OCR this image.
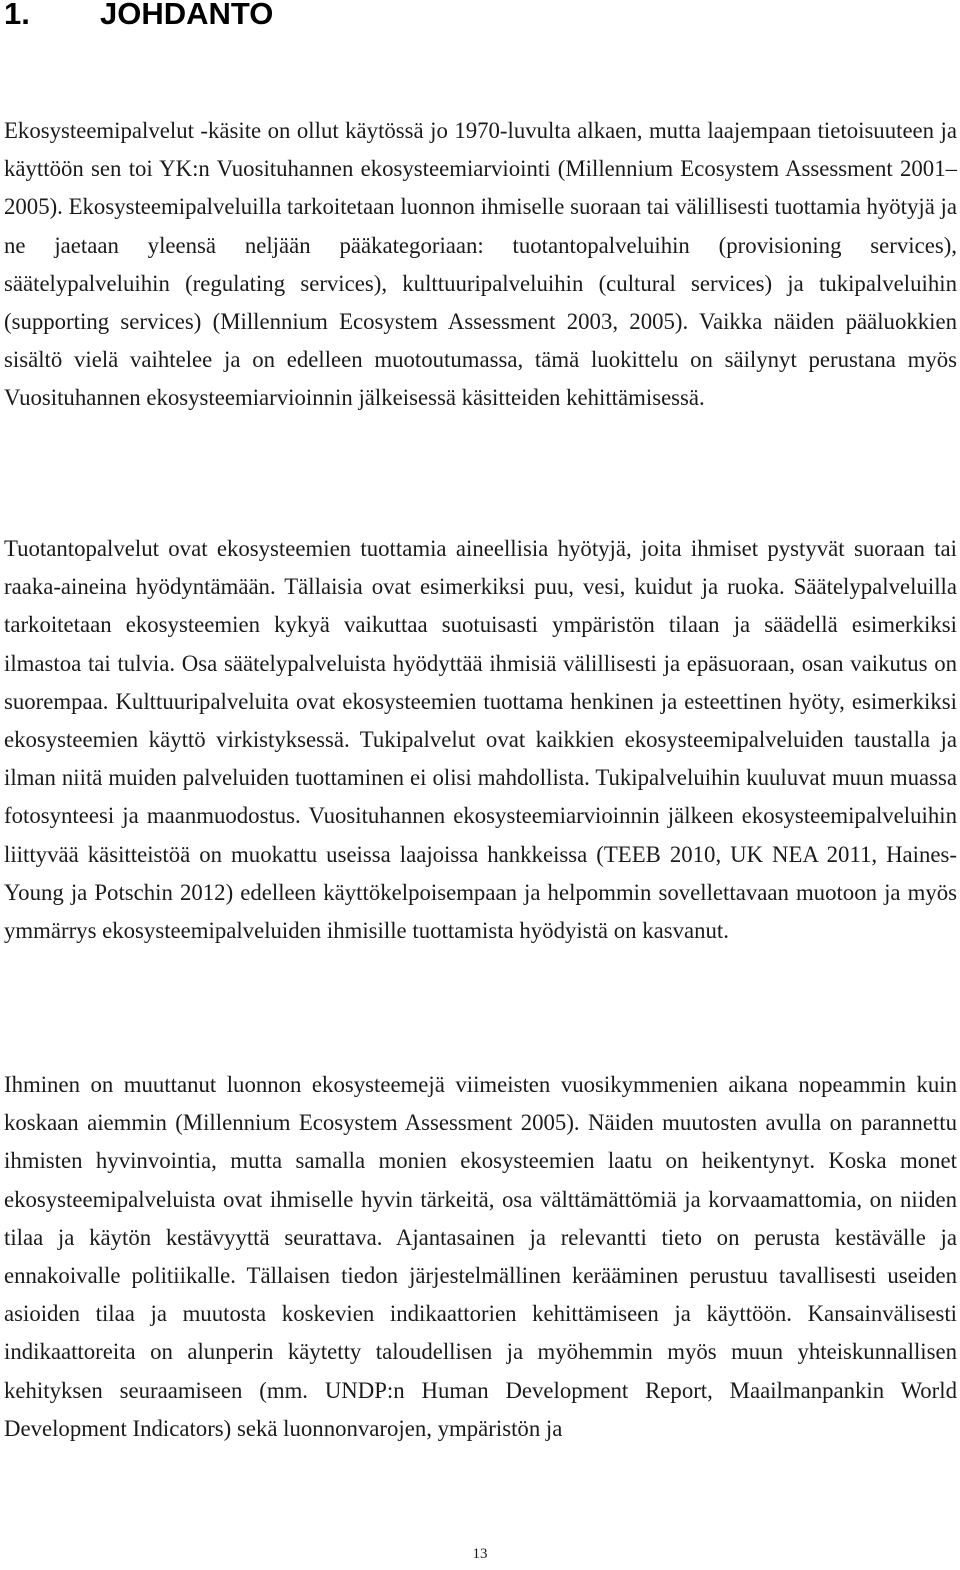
1. JOHDANTO

Ekosysteemipalvelut -käsite on ollut käytössä jo 1970-luvulta alkaen, mutta laajempaan tietoisuuteen ja käyttöön sen toi YK:n Vuosituhannen ekosysteemiarviointi (Millennium Ecosystem Assessment 2001–2005). Ekosysteemipalveluilla tarkoitetaan luonnon ihmiselle suoraan tai välillisesti tuottamia hyötyjä ja ne jaetaan yleensä neljään pääkategoriaan: tuotantopalveluihin (provisioning services), säätelypalveluihin (regulating services), kulttuuripalveluihin (cultural services) ja tukipalveluihin (supporting services) (Millennium Ecosystem Assessment 2003, 2005). Vaikka näiden pääluokkien sisältö vielä vaihtelee ja on edelleen muotoutumassa, tämä luokittelu on säilynyt perustana myös Vuosituhannen ekosysteemiarvioinnin jälkeisessä käsitteiden kehittämisessä.

Tuotantopalvelut ovat ekosysteemien tuottamia aineellisia hyötyjä, joita ihmiset pystyvät suoraan tai raaka-aineina hyödyntämään. Tällaisia ovat esimerkiksi puu, vesi, kuidut ja ruoka. Säätelypalveluilla tarkoitetaan ekosysteemien kykyä vaikuttaa suotuisasti ympäristön tilaan ja säädellä esimerkiksi ilmastoa tai tulvia. Osa säätelypalveluista hyödyttää ihmisiä välillisesti ja epäsuoraan, osan vaikutus on suorempaa. Kulttuuripalveluita ovat ekosysteemien tuottama henkinen ja esteettinen hyöty, esimerkiksi ekosysteemien käyttö virkistyksessä. Tukipalvelut ovat kaikkien ekosysteemipalveluiden taustalla ja ilman niitä muiden palveluiden tuottaminen ei olisi mahdollista. Tukipalveluihin kuuluvat muun muassa fotosynteesi ja maanmuodostus. Vuosituhannen ekosysteemiarvioinnin jälkeen ekosysteemipalveluihin liittyvää käsitteistöä on muokattu useissa laajoissa hankkeissa (TEEB 2010, UK NEA 2011, Haines-Young ja Potschin 2012) edelleen käyttökelpoisempaan ja helpommin sovellettavaan muotoon ja myös ymmärrys ekosysteemipalveluiden ihmisille tuottamista hyödyistä on kasvanut.

Ihminen on muuttanut luonnon ekosysteemejä viimeisten vuosikymmenien aikana nopeammin kuin koskaan aiemmin (Millennium Ecosystem Assessment 2005). Näiden muutosten avulla on parannettu ihmisten hyvinvointia, mutta samalla monien ekosysteemien laatu on heikentynyt. Koska monet ekosysteemipalveluista ovat ihmiselle hyvin tärkeitä, osa välttämättömiä ja korvaamattomia, on niiden tilaa ja käytön kestävyyttä seurattava. Ajantasainen ja relevantti tieto on perusta kestävälle ja ennakoivalle politiikalle. Tällaisen tiedon järjestelmällinen kerääminen perustuu tavallisesti useiden asioiden tilaa ja muutosta koskevien indikaattorien kehittämiseen ja käyttöön. Kansainvälisesti indikaattoreita on alunperin käytetty taloudellisen ja myöhemmin myös muun yhteiskunnallisen kehityksen seuraamiseen (mm. UNDP:n Human Development Report, Maailmanpankin World Development Indicators) sekä luonnonvarojen, ympäristön ja

13
